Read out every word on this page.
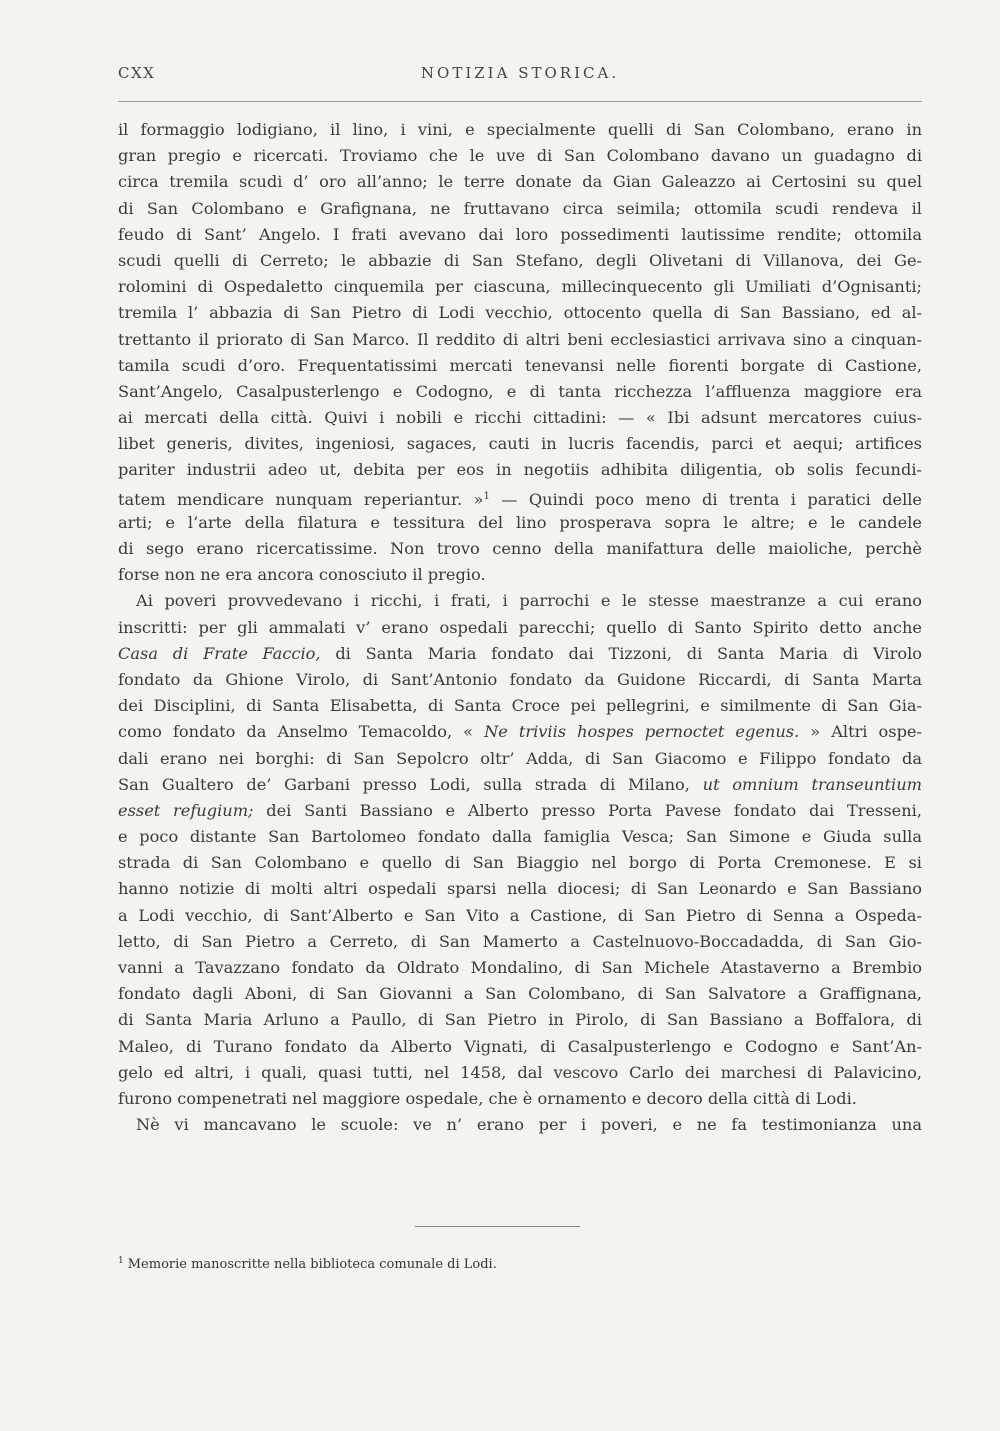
CXX	NOTIZIA STORICA.
il formaggio lodigiano, il lino, i vini, e specialmente quelli di San Colombano, erano in
gran pregio e ricercati. Troviamo che le uve di San Colombano davano un guadagno di
circa tremila scudi d’ oro all’anno; le terre donate da Gian Galeazzo ai Certosini su quel
di San Colombano e Grafignana, ne fruttavano circa seimila; ottomila scudi rendeva il
feudo di Sant’ Angelo. I frati avevano dai loro possedimenti lautissime rendite; ottomila
scudi quelli di Cerreto; le abbazie di San Stefano, degli Olivetani di Villanova, dei Ge-
rolomini di Ospedaletto cinquemila per ciascuna, millecinquecento gli Umiliati d’Ognisanti;
tremila l’ abbazia di San Pietro di Lodi vecchio, ottocento quella di San Bassiano, ed al-
trettanto il priorato di San Marco. Il reddito di altri beni ecclesiastici arrivava sino a cinquan-
tamila scudi d’oro. Frequentatissimi mercati tenevansi nelle fiorenti borgate di Castione,
Sant’Angelo, Casalpusterlengo e Codogno, e di tanta ricchezza l’affluenza maggiore era
ai mercati della città. Quivi i nobili e ricchi cittadini: — « Ibi adsunt mercatores cuius-
libet generis, divites, ingeniosi, sagaces, cauti in lucris facendis, parci et aequi; artifices
pariter industrii adeo ut, debita per eos in negotiis adhibita diligentia, ob solis fecundi-
tatem mendicare nunquam reperiantur. »$^1$ — Quindi poco meno di trenta i paratici delle
arti; e l’arte della filatura e tessitura del lino prosperava sopra le altre; e le candele
di sego erano ricercatissime. Non trovo cenno della manifattura delle maioliche, perchè
forse non ne era ancora conosciuto il pregio.
Ai poveri provvedevano i ricchi, i frati, i parrochi e le stesse maestranze a cui erano
inscritti: per gli ammalati v’ erano ospedali parecchi; quello di Santo Spirito detto anche
Casa di Frate Faccio, di Santa Maria fondato dai Tizzoni, di Santa Maria di Virolo
fondato da Ghione Virolo, di Sant’Antonio fondato da Guidone Riccardi, di Santa Marta
dei Disciplini, di Santa Elisabetta, di Santa Croce pei pellegrini, e similmente di San Gia-
como fondato da Anselmo Temacoldo, « Ne triviis hospes pernoctet egenus. » Altri ospe-
dali erano nei borghi: di San Sepolcro oltr’ Adda, di San Giacomo e Filippo fondato da
San Gualtero de’ Garbani presso Lodi, sulla strada di Milano, ut omnium transeuntium
esset refugium; dei Santi Bassiano e Alberto presso Porta Pavese fondato dai Tresseni,
e poco distante San Bartolomeo fondato dalla famiglia Vesca; San Simone e Giuda sulla
strada di San Colombano e quello di San Biaggio nel borgo di Porta Cremonese. E si
hanno notizie di molti altri ospedali sparsi nella diocesi; di San Leonardo e San Bassiano
a Lodi vecchio, di Sant’Alberto e San Vito a Castione, di San Pietro di Senna a Ospeda-
letto, di San Pietro a Cerreto, di San Mamerto a Castelnuovo-Boccadadda, di San Gio-
vanni a Tavazzano fondato da Oldrato Mondalino, di San Michele Atastaverno a Brembio
fondato dagli Aboni, di San Giovanni a San Colombano, di San Salvatore a Graffignana,
di Santa Maria Arluno a Paullo, di San Pietro in Pirolo, di San Bassiano a Boffalora, di
Maleo, di Turano fondato da Alberto Vignati, di Casalpusterlengo e Codogno e Sant’An-
gelo ed altri, i quali, quasi tutti, nel 1458, dal vescovo Carlo dei marchesi di Palavicino,
furono compenetrati nel maggiore ospedale, che è ornamento e decoro della città di Lodi.
Nè vi mancavano le scuole: ve n’ erano per i poveri, e ne fa testimonianza una
$^1$ Memorie manoscritte nella biblioteca comunale di Lodi.
